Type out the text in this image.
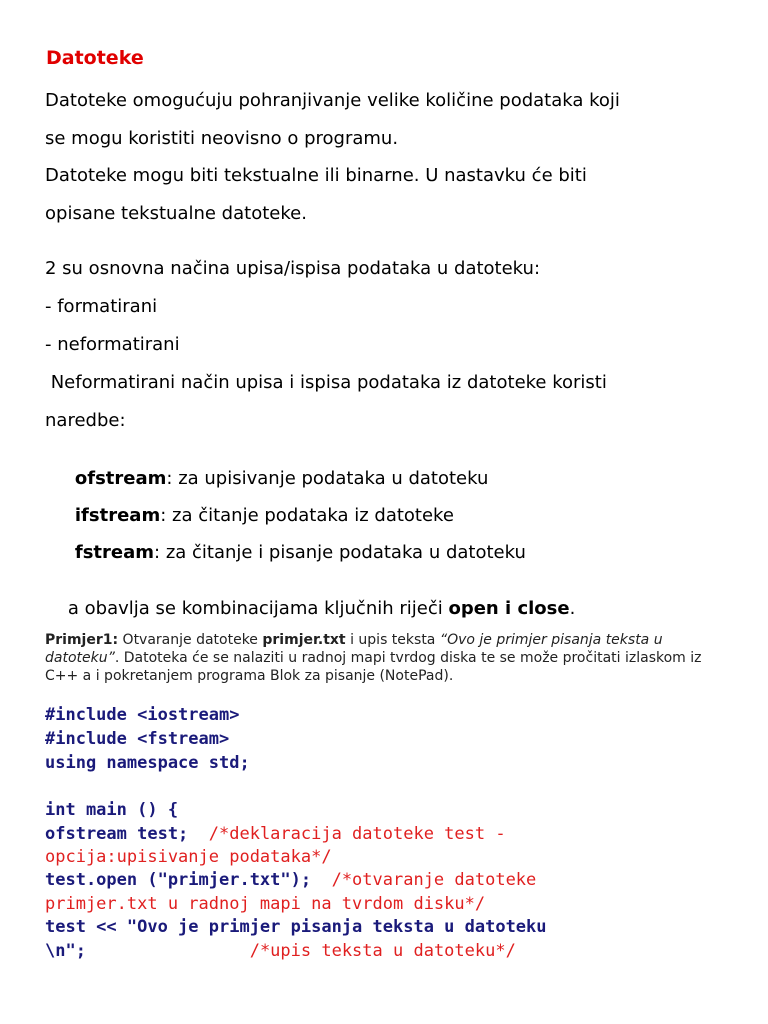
Datoteke
Datoteke omogućuju pohranjivanje velike količine podataka koji
se mogu koristiti neovisno o programu.
Datoteke mogu biti tekstualne ili binarne. U nastavku će biti
opisane tekstualne datoteke.
2 su osnovna načina upisa/ispisa podataka u datoteku:
- formatirani
- neformatirani
Neformatirani način upisa i ispisa podataka iz datoteke koristi
naredbe:

ofstream: za upisivanje podataka u datoteku

ifstream: za čitanje podataka iz datoteke

fstream: za čitanje i pisanje podataka u datoteku

a obavlja se kombinacijama ključnih riječi open i close.

Primjer1: Otvaranje datoteke primjer.txt i upis teksta “Ovo je primjer pisanja teksta u datoteku”. Datoteka će se nalaziti u radnoj mapi tvrdog diska te se može pročitati izlaskom iz C++ a i pokretanjem programa Blok za pisanje (NotePad).
#include <iostream>
#include <fstream>
using namespace std;
int main () {
ofstream test;  /*deklaracija datoteke test -
opcija:upisivanje podataka*/
test.open ("primjer.txt");  /*otvaranje datoteke
primjer.txt u radnoj mapi na tvrdom disku*/
test << "Ovo je primjer pisanja teksta u datoteku
\n";                /*upis teksta u datoteku*/
